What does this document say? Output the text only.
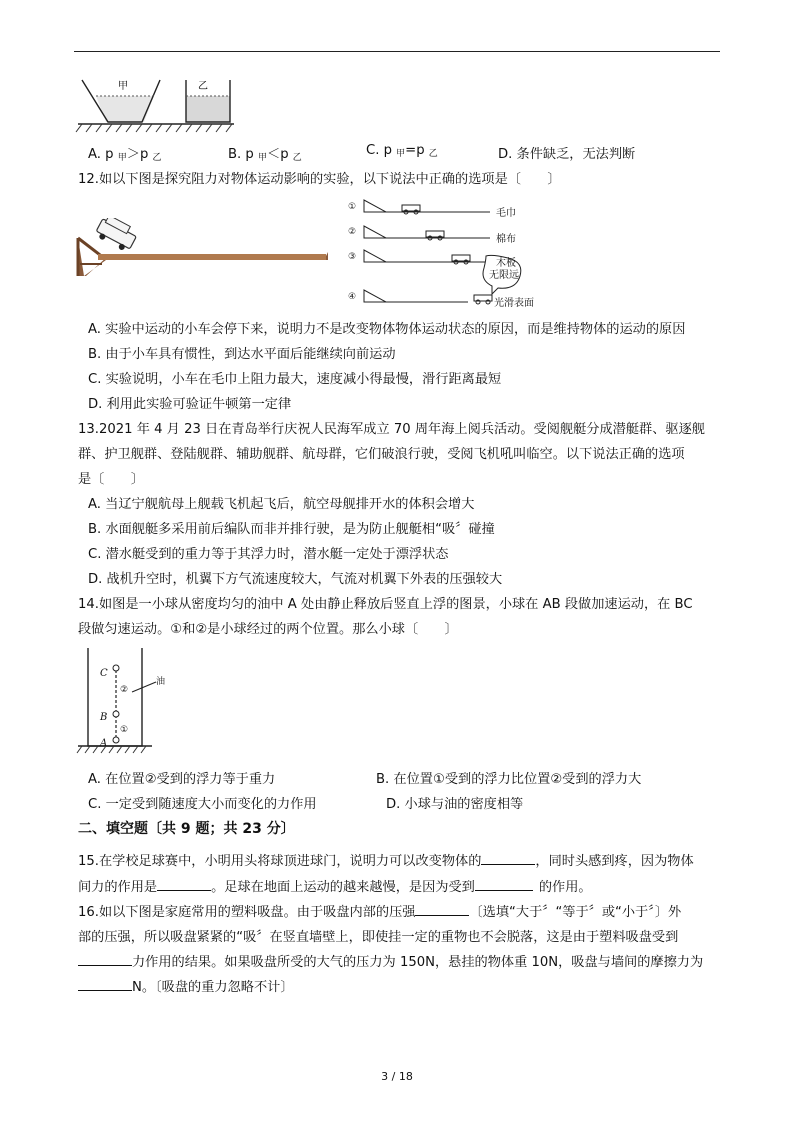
甲	乙
A. p $_甲$＞p $_乙$	B. p $_甲$＜p $_乙$	C. p $_甲$=p $_乙$	D. 条件缺乏，无法判断
12.如以下图是探究阻力对物体运动影响的实验，以下说法中正确的选项是〔　　〕
①
②
③
④
毛巾
棉布
木板
光滑表面
无限远
A. 实验中运动的小车会停下来，说明力不是改变物体物体运动状态的原因，而是维持物体的运动的原因
B. 由于小车具有惯性，到达水平面后能继续向前运动
C. 实验说明，小车在毛巾上阻力最大，速度减小得最慢，滑行距离最短
D. 利用此实验可验证牛顿第一定律
13.2021 年 4 月 23 日在青岛举行庆祝人民海军成立 70 周年海上阅兵活动。受阅舰艇分成潜艇群、驱逐舰
群、护卫舰群、登陆舰群、辅助舰群、航母群，它们破浪行驶，受阅飞机吼叫临空。以下说法正确的选项
是〔　　〕
A. 当辽宁舰航母上舰载飞机起飞后，航空母舰排开水的体积会增大
B. 水面舰艇多采用前后编队而非并排行驶，是为防止舰艇相“吸〞碰撞
C. 潜水艇受到的重力等于其浮力时，潜水艇一定处于漂浮状态
D. 战机升空时，机翼下方气流速度较大，气流对机翼下外表的压强较大
14.如图是一小球从密度均匀的油中 A 处由静止释放后竖直上浮的图景，小球在 AB 段做加速运动，在 BC
段做匀速运动。①和②是小球经过的两个位置。那么小球〔　　〕
C
B
A
②
①
油
A. 在位置②受到的浮力等于重力	B. 在位置①受到的浮力比位置②受到的浮力大
C. 一定受到随速度大小而变化的力作用	D. 小球与油的密度相等
二、填空题〔共 9 题；共 23 分〕
15.在学校足球赛中，小明用头将球顶进球门，说明力可以改变物体的	，同时头感到疼，因为物体
间力的作用是	。足球在地面上运动的越来越慢，是因为受到	的作用。
16.如以下图是家庭常用的塑料吸盘。由于吸盘内部的压强	〔选填“大于〞“等于〞或“小于〞〕外
部的压强，所以吸盘紧紧的“吸〞在竖直墙壁上，即使挂一定的重物也不会脱落，这是由于塑料吸盘受到
力作用的结果。如果吸盘所受的大气的压力为 150N，悬挂的物体重 10N，吸盘与墙间的摩擦力为
N。〔吸盘的重力忽略不计〕
3 / 18
